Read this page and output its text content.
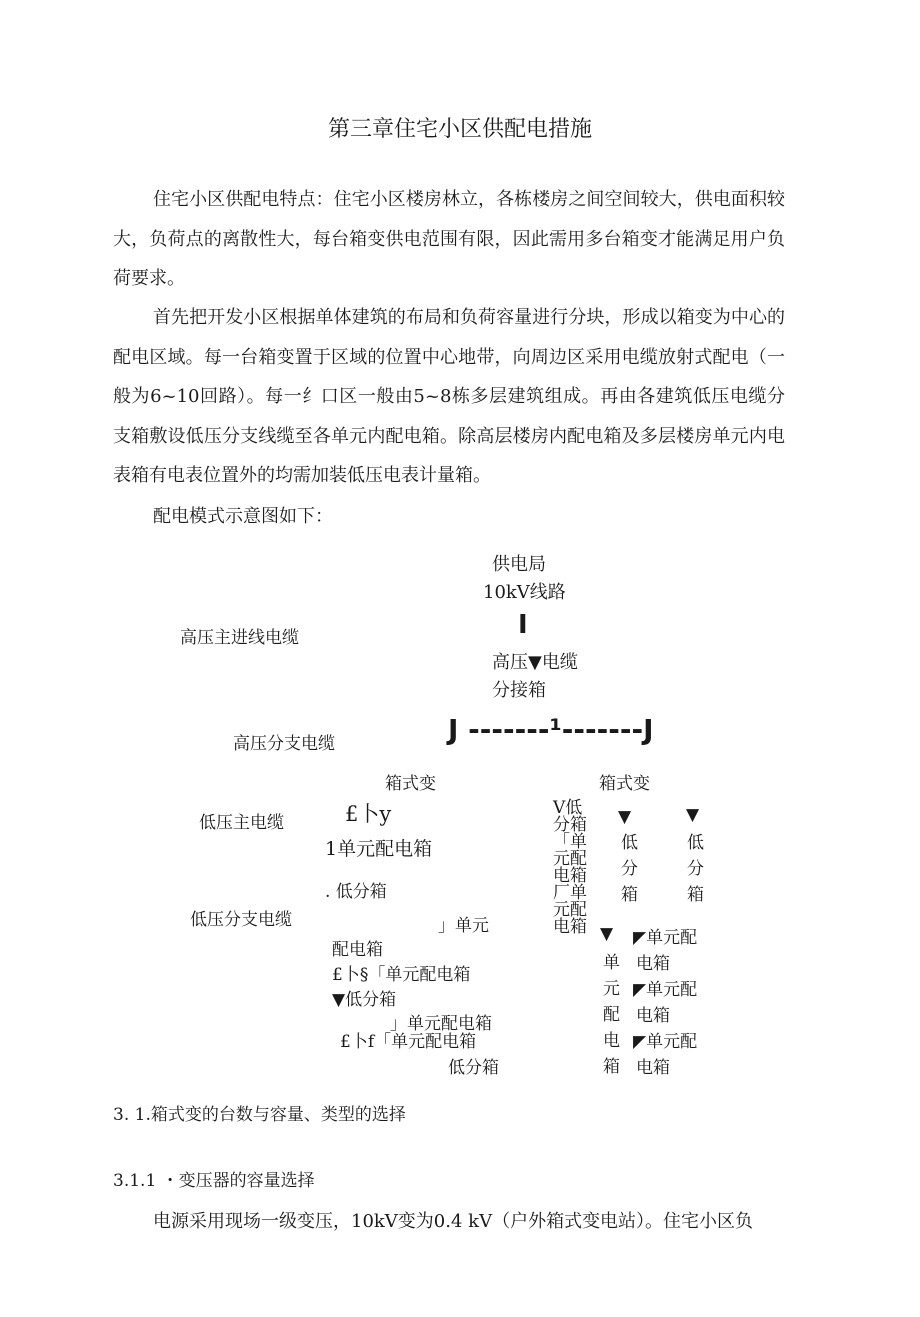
第三章住宅小区供配电措施
住宅小区供配电特点：住宅小区楼房林立，各栋楼房之间空间较大，供电面积较大，负荷点的离散性大，每台箱变供电范围有限，因此需用多台箱变才能满足用户负荷要求。
首先把开发小区根据单体建筑的布局和负荷容量进行分块，形成以箱变为中心的配电区域。每一台箱变置于区域的位置中心地带，向周边区采用电缆放射式配电（一般为6~10回路）。每一纟口区一般由5~8栋多层建筑组成。再由各建筑低压电缆分支箱敷设低压分支线缆至各单元内配电箱。除高层楼房内配电箱及多层楼房单元内电表箱有电表位置外的均需加装低压电表计量箱。
配电模式示意图如下：
供电局
10kV线路
I
高压主进线电缆
高压▼电缆
分接箱
高压分支电缆	J -------¹-------J
箱式变	箱式变
低压主电缆
低压分支电缆
£卜y
1单元配电箱
. 低分箱
」单元
配电箱
£卜§「单元配电箱
▼低分箱
」单元配电箱
£卜f「单元配电箱
低分箱
V低分箱「单元配电箱厂单元配电箱
▼
低分箱
▼
低分箱
▼
单元配电箱
◤单元配
电箱
◤单元配
电箱
◤单元配
电箱
3. 1.箱式变的台数与容量、类型的选择
3.1.1 ・变压器的容量选择
电源采用现场一级变压，10kV变为0.4 kV（户外箱式变电站）。住宅小区负
